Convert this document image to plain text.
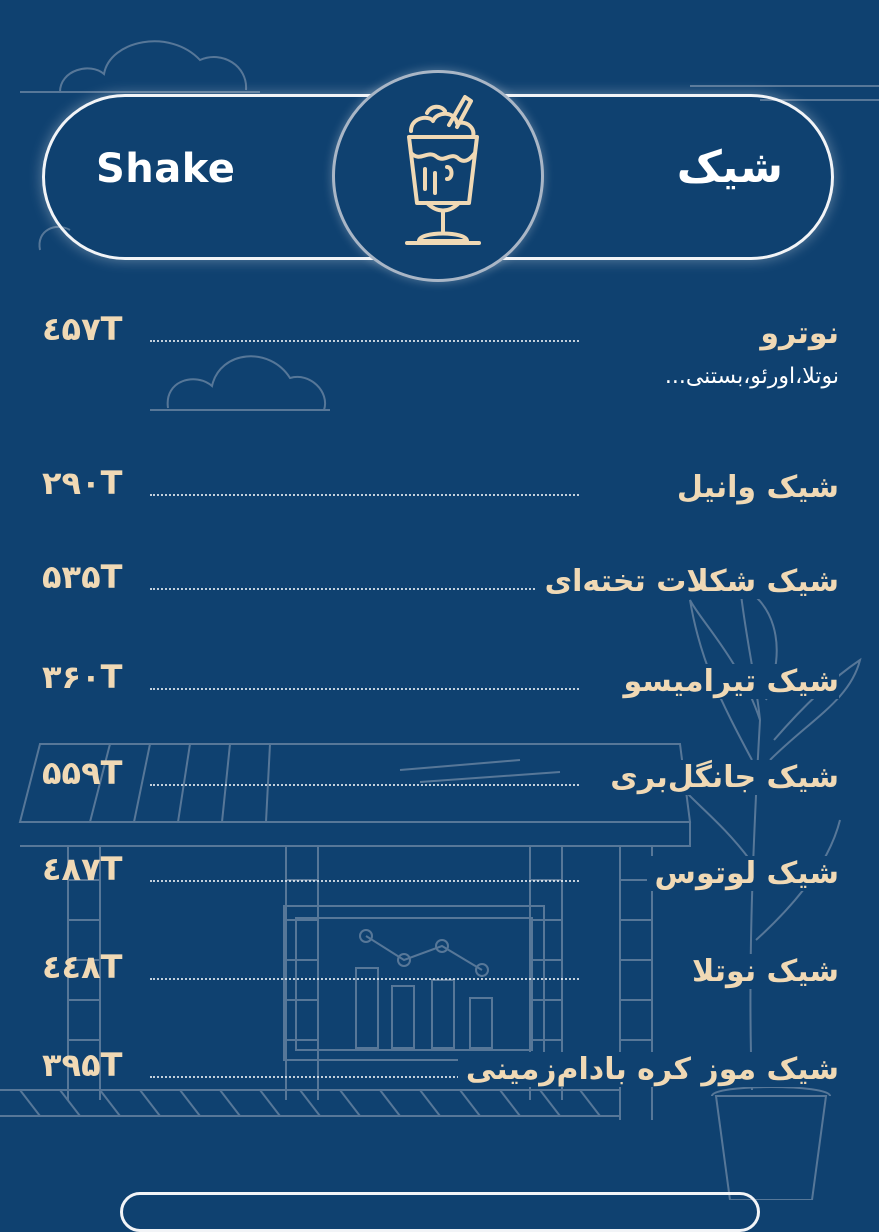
Shake	شیک
نوترو
٤۵٧T
نوتلا،اورئو،بستنی...
شیک وانیل
۲۹۰T
شیک شکلات تخته‌ای
۵۳۵T
شیک تیرامیسو
۳۶۰T
شیک جانگل‌بری
۵۵۹T
شیک لوتوس
٤۸٧T
شیک نوتلا
٤٤۸T
شیک موز کره بادام‌زمینی
۳۹۵T
